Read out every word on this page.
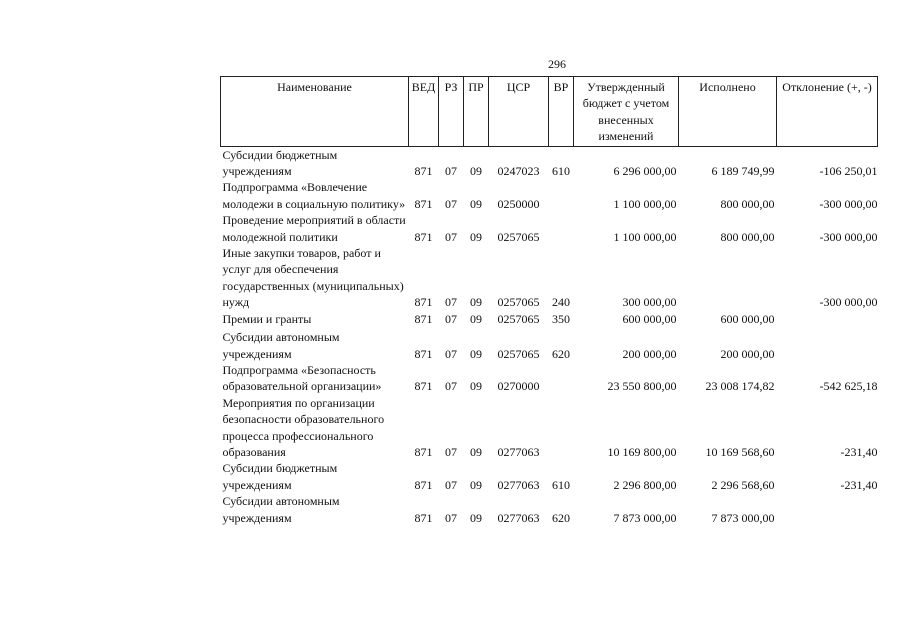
296
Наименование	ВЕД	РЗ	ПР	ЦСР	ВР	Утвержденный бюджет с учетом внесенных изменений	Исполнено	Отклонение (+, -)
Субсидии бюджетным учреждениям	871	07	09	0247023	610	6 296 000,00	6 189 749,99	-106 250,01
Подпрограмма «Вовлечение молодежи в социальную политику»	871	07	09	0250000		1 100 000,00	800 000,00	-300 000,00
Проведение мероприятий в области молодежной политики	871	07	09	0257065		1 100 000,00	800 000,00	-300 000,00
Иные закупки товаров, работ и услуг для обеспечения государственных (муниципальных) нужд	871	07	09	0257065	240	300 000,00		-300 000,00
Премии и гранты	871	07	09	0257065	350	600 000,00	600 000,00	
Субсидии автономным учреждениям	871	07	09	0257065	620	200 000,00	200 000,00	
Подпрограмма «Безопасность образовательной организации»	871	07	09	0270000		23 550 800,00	23 008 174,82	-542 625,18
Мероприятия по организации безопасности образовательного процесса профессионального образования	871	07	09	0277063		10 169 800,00	10 169 568,60	-231,40
Субсидии бюджетным учреждениям	871	07	09	0277063	610	2 296 800,00	2 296 568,60	-231,40
Субсидии автономным учреждениям	871	07	09	0277063	620	7 873 000,00	7 873 000,00	
